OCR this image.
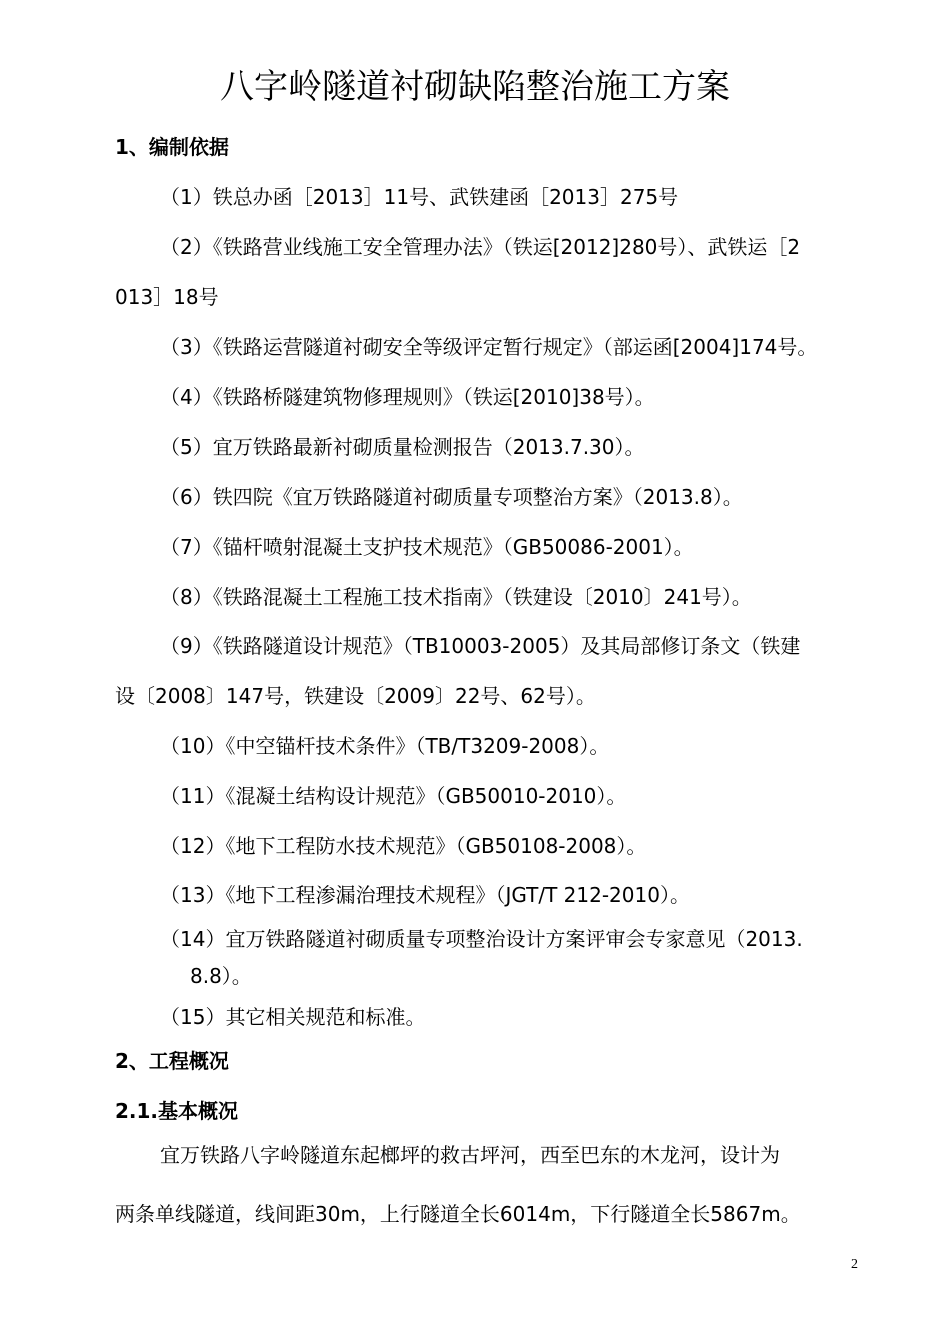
八字岭隧道衬砌缺陷整治施工方案
1、编制依据
（1）铁总办函［2013］11号、武铁建函［2013］275号
（2）《铁路营业线施工安全管理办法》（铁运[2012]280号）、武铁运［2
013］18号
（3）《铁路运营隧道衬砌安全等级评定暂行规定》（部运函[2004]174号。
（4）《铁路桥隧建筑物修理规则》（铁运[2010]38号）。
（5）宜万铁路最新衬砌质量检测报告（2013.7.30）。
（6）铁四院《宜万铁路隧道衬砌质量专项整治方案》（2013.8）。
（7）《锚杆喷射混凝土支护技术规范》（GB50086-2001）。
（8）《铁路混凝土工程施工技术指南》（铁建设〔2010〕241号）。
（9）《铁路隧道设计规范》（TB10003-2005）及其局部修订条文（铁建
设〔2008〕147号，铁建设〔2009〕22号、62号）。
（10）《中空锚杆技术条件》（TB/T3209-2008）。
（11）《混凝土结构设计规范》（GB50010-2010）。
（12）《地下工程防水技术规范》（GB50108-2008）。
（13）《地下工程渗漏治理技术规程》（JGT/T 212-2010）。
（14）宜万铁路隧道衬砌质量专项整治设计方案评审会专家意见（2013.
8.8）。
（15）其它相关规范和标准。
2、工程概况
2.1.基本概况
宜万铁路八字岭隧道东起榔坪的救古坪河，西至巴东的木龙河，设计为
两条单线隧道，线间距30m，上行隧道全长6014m，下行隧道全长5867m。
2
